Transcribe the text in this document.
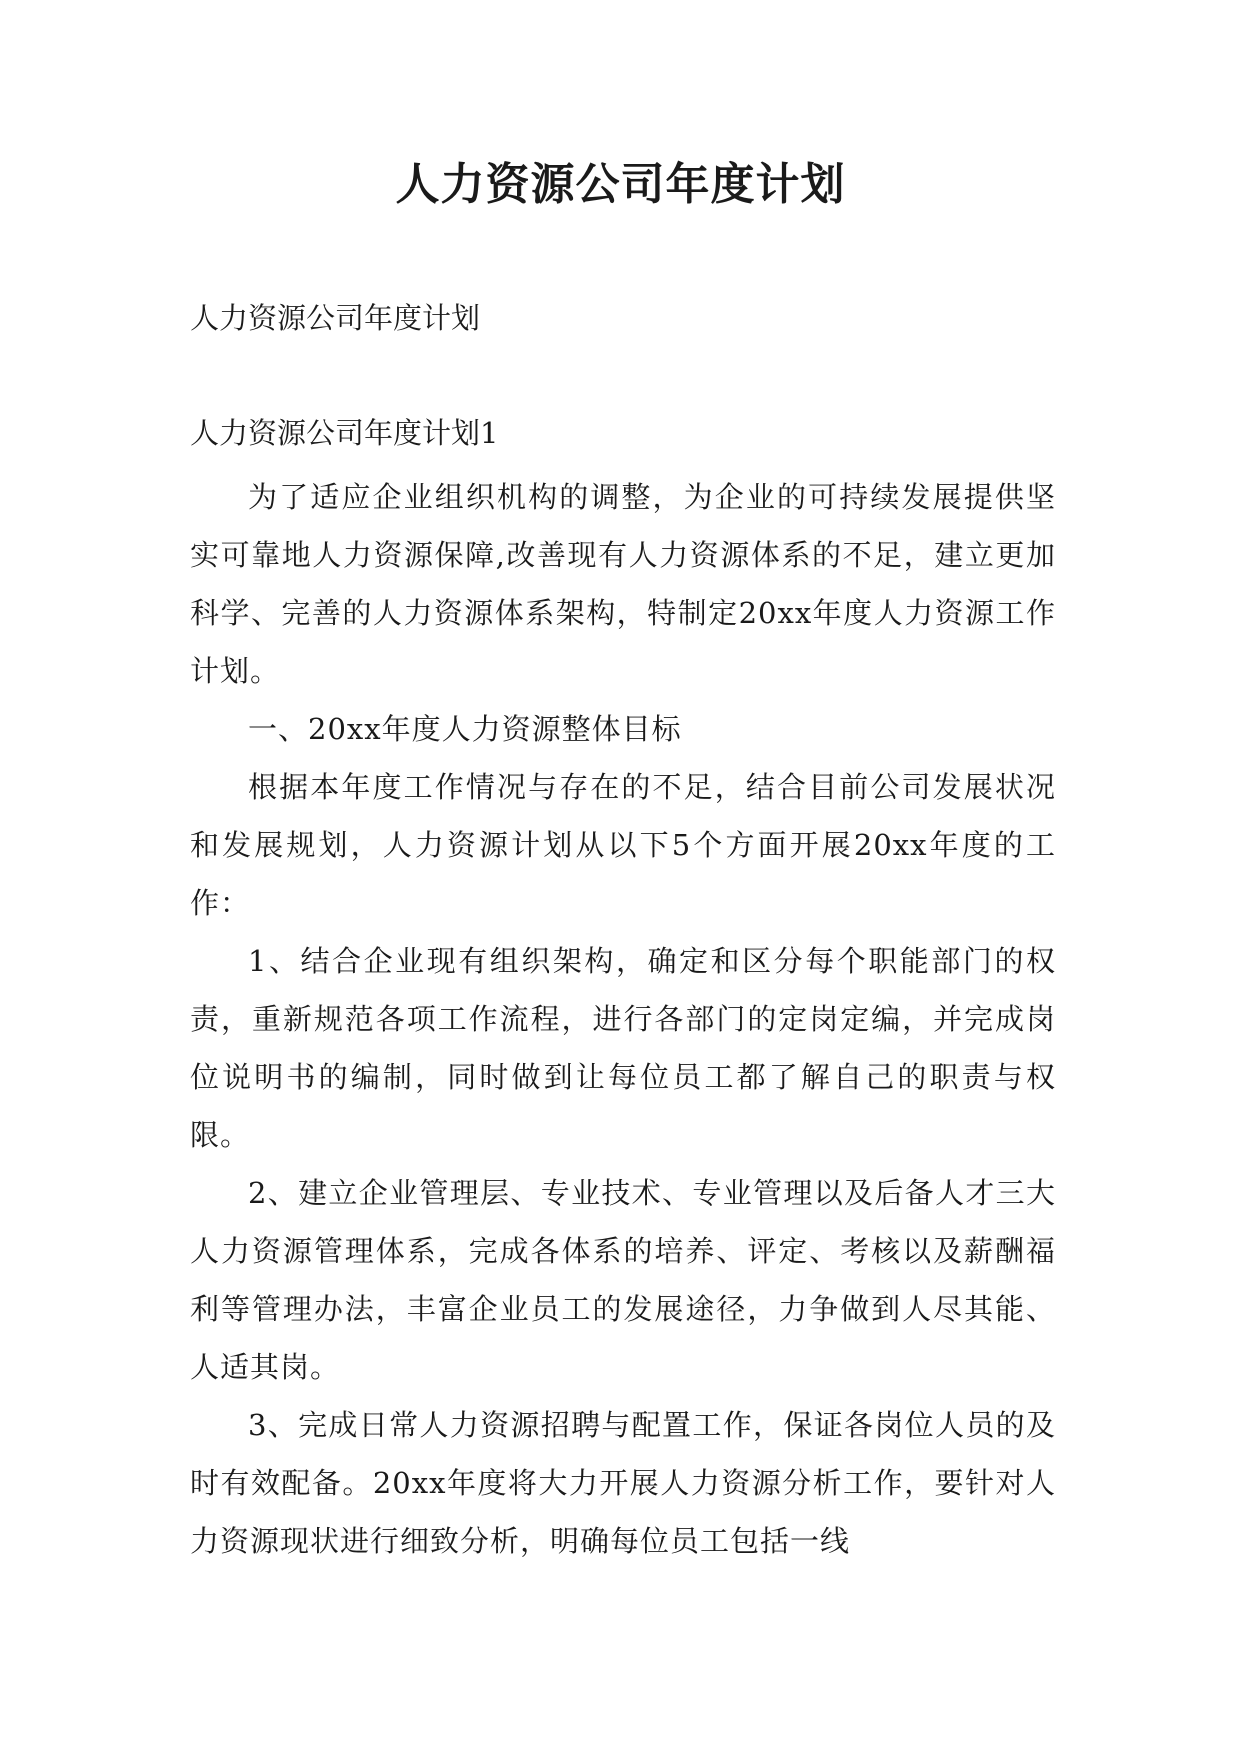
人力资源公司年度计划
人力资源公司年度计划
人力资源公司年度计划1

为了适应企业组织机构的调整，为企业的可持续发展提供坚实可靠地人力资源保障,改善现有人力资源体系的不足，建立更加科学、完善的人力资源体系架构，特制定20xx年度人力资源工作计划。

一、20xx年度人力资源整体目标

根据本年度工作情况与存在的不足，结合目前公司发展状况和发展规划，人力资源计划从以下5个方面开展20xx年度的工作：

1、结合企业现有组织架构，确定和区分每个职能部门的权责，重新规范各项工作流程，进行各部门的定岗定编，并完成岗位说明书的编制，同时做到让每位员工都了解自己的职责与权限。

2、建立企业管理层、专业技术、专业管理以及后备人才三大人力资源管理体系，完成各体系的培养、评定、考核以及薪酬福利等管理办法，丰富企业员工的发展途径，力争做到人尽其能、人适其岗。

3、完成日常人力资源招聘与配置工作，保证各岗位人员的及时有效配备。20xx年度将大力开展人力资源分析工作，要针对人力资源现状进行细致分析，明确每位员工包括一线
